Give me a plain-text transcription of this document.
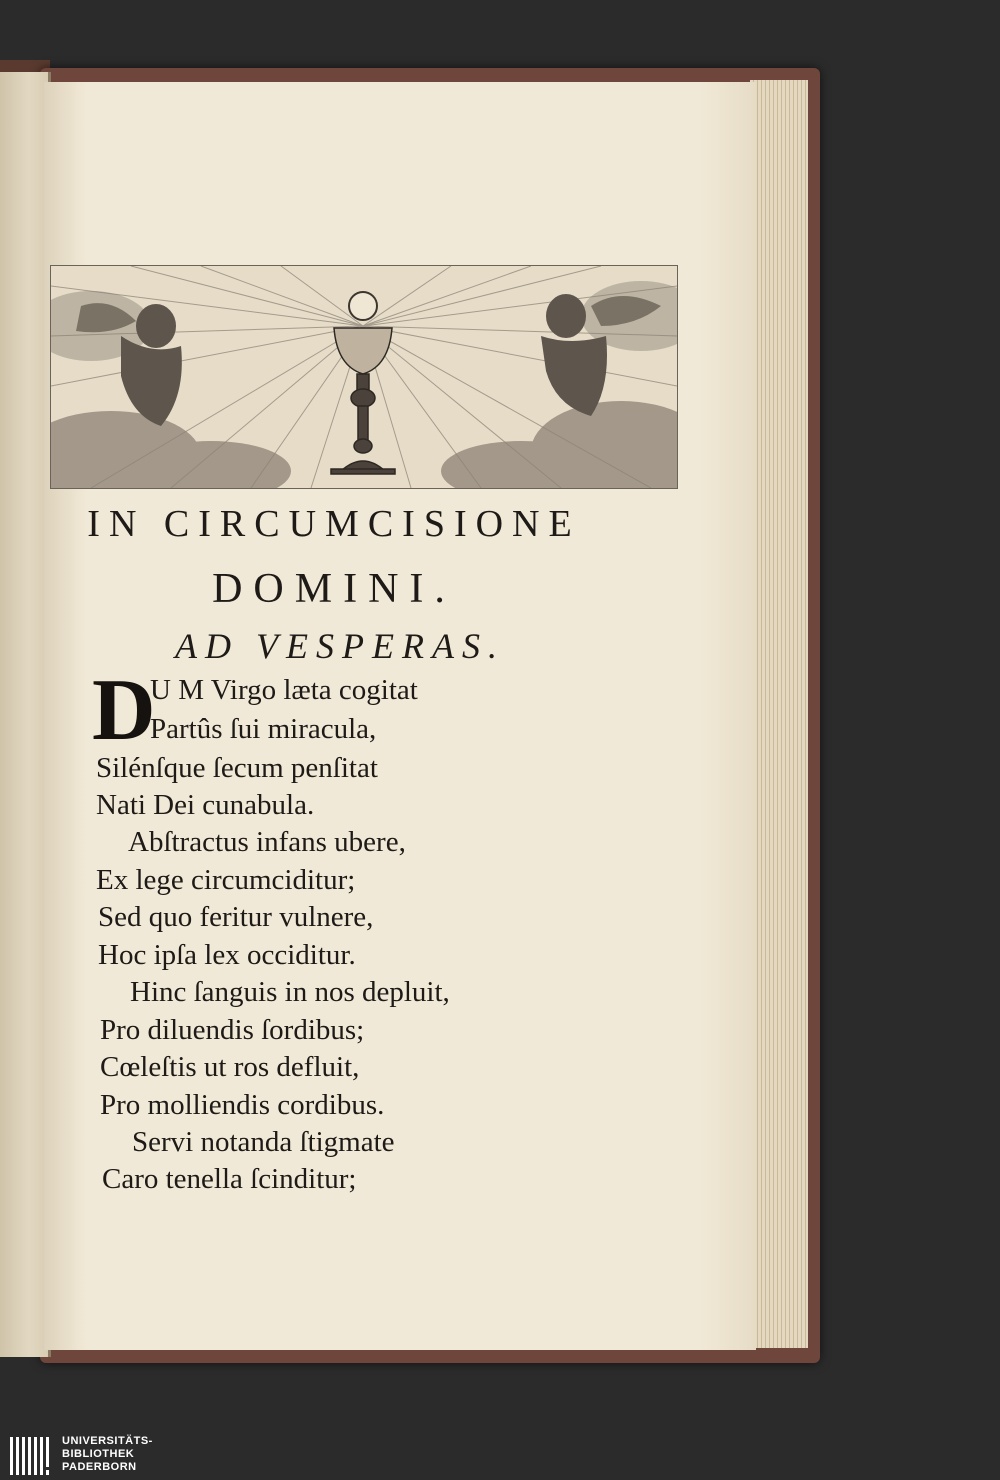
IN CIRCUMCISIONE
DOMINI.
AD VESPERAS.
D
U M Virgo læta cogitat
Partûs ſui miracula,
Silénſque ſecum penſitat
Nati Dei cunabula.
Abſtractus infans ubere,
Ex lege circumciditur;
Sed quo feritur vulnere,
Hoc ipſa lex occiditur.
Hinc ſanguis in nos depluit,
Pro diluendis ſordibus;
Cœleſtis ut ros defluit,
Pro molliendis cordibus.
Servi notanda ſtigmate
Caro tenella ſcinditur;
UNIVERSITÄTS-
BIBLIOTHEK
PADERBORN
